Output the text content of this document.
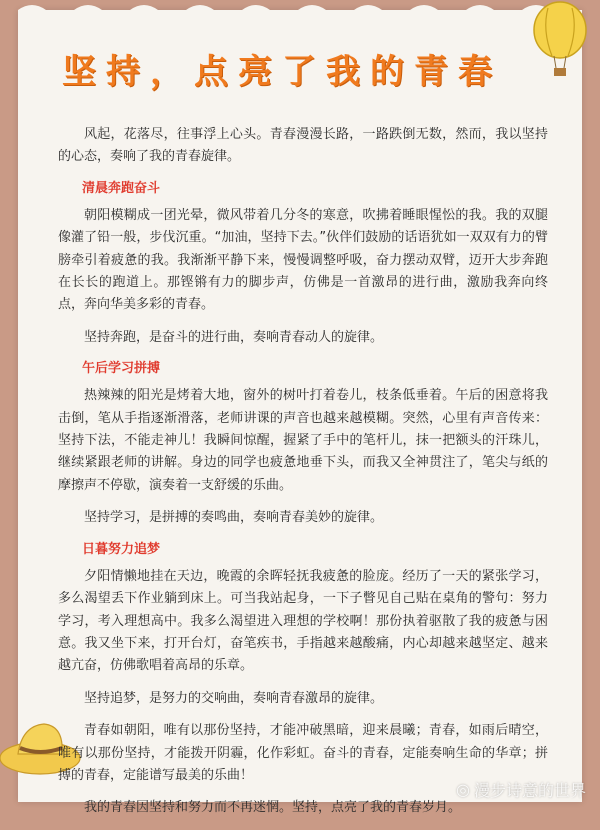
坚持，点亮了我的青春

风起，花落尽，往事浮上心头。青春漫漫长路，一路跌倒无数，然而，我以坚持的心态，奏响了我的青春旋律。

清晨奔跑奋斗

朝阳模糊成一团光晕，微风带着几分冬的寒意，吹拂着睡眼惺忪的我。我的双腿像灌了铅一般，步伐沉重。“加油，坚持下去。”伙伴们鼓励的话语犹如一双双有力的臂膀牵引着疲惫的我。我渐渐平静下来，慢慢调整呼吸，奋力摆动双臂，迈开大步奔跑在长长的跑道上。那铿锵有力的脚步声，仿佛是一首激昂的进行曲，激励我奔向终点，奔向华美多彩的青春。

坚持奔跑，是奋斗的进行曲，奏响青春动人的旋律。

午后学习拼搏

热辣辣的阳光是烤着大地，窗外的树叶打着卷儿，枝条低垂着。午后的困意将我击倒，笔从手指逐渐滑落，老师讲课的声音也越来越模糊。突然，心里有声音传来：坚持下法，不能走神儿！我瞬间惊醒，握紧了手中的笔杆儿，抹一把额头的汗珠儿，继续紧跟老师的讲解。身边的同学也疲惫地垂下头，而我又全神贯注了，笔尖与纸的摩擦声不停歇，演奏着一支舒缓的乐曲。

坚持学习，是拼搏的奏鸣曲，奏响青春美妙的旋律。

日暮努力追梦

夕阳情懒地挂在天边，晚霞的余晖轻抚我疲惫的脸庞。经历了一天的紧张学习，多么渴望丢下作业躺到床上。可当我站起身，一下子瞥见自己贴在桌角的警句：努力学习，考入理想高中。我多么渴望进入理想的学校啊！那份执着驱散了我的疲惫与困意。我又坐下来，打开台灯，奋笔疾书，手指越来越酸痛，内心却越来越坚定、越来越亢奋，仿佛歌唱着高昂的乐章。

坚持追梦，是努力的交响曲，奏响青春激昂的旋律。

青春如朝阳，唯有以那份坚持，才能冲破黑暗，迎来晨曦；青春，如雨后晴空，唯有以那份坚持，才能拨开阴霾，化作彩虹。奋斗的青春，定能奏响生命的华章；拼搏的青春，定能谱写最美的乐曲！

我的青春因坚持和努力而不再迷惘。坚持，点亮了我的青春岁月。

◎ 漫步诗意的世界
